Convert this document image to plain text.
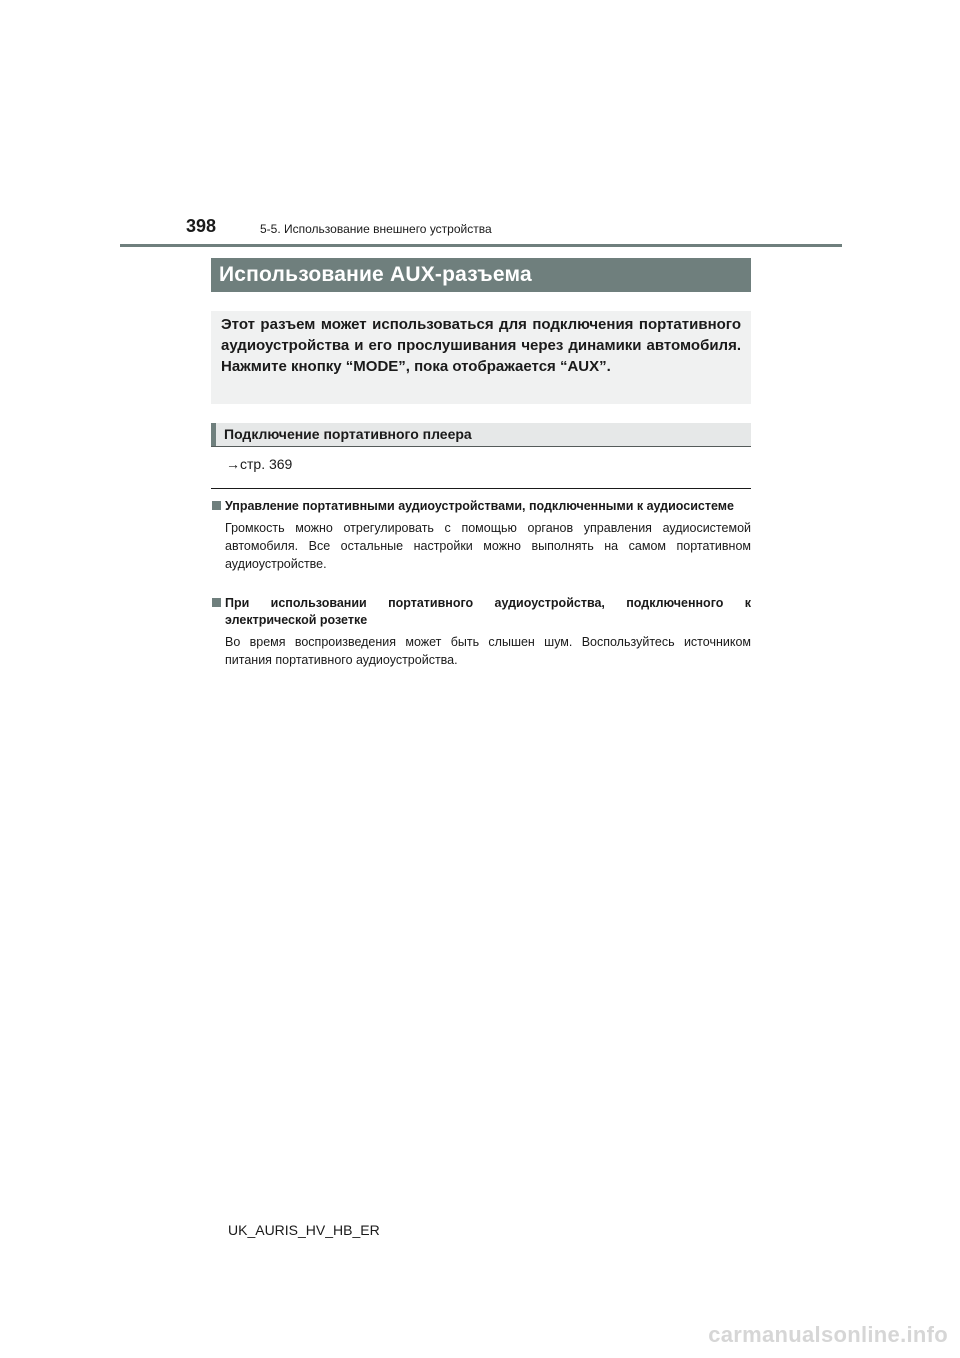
398	5-5. Использование внешнего устройства
Использование AUX-разъема

Этот разъем может использоваться для подключения портативного аудиоустройства и его прослушивания через динамики автомобиля. Нажмите кнопку “MODE”, пока отображается “AUX”.

Подключение портативного плеера
→стр. 369

Управление портативными аудиоустройствами, подключенными к аудиосистеме

Громкость можно отрегулировать с помощью органов управления аудиосистемой автомобиля. Все остальные настройки можно выполнять на самом портативном аудиоустройстве.

При использовании портативного аудиоустройства, подключенного к электрической розетке

Во время воспроизведения может быть слышен шум. Воспользуйтесь источником питания портативного аудиоустройства.

UK_AURIS_HV_HB_ER
carmanualsonline.info
